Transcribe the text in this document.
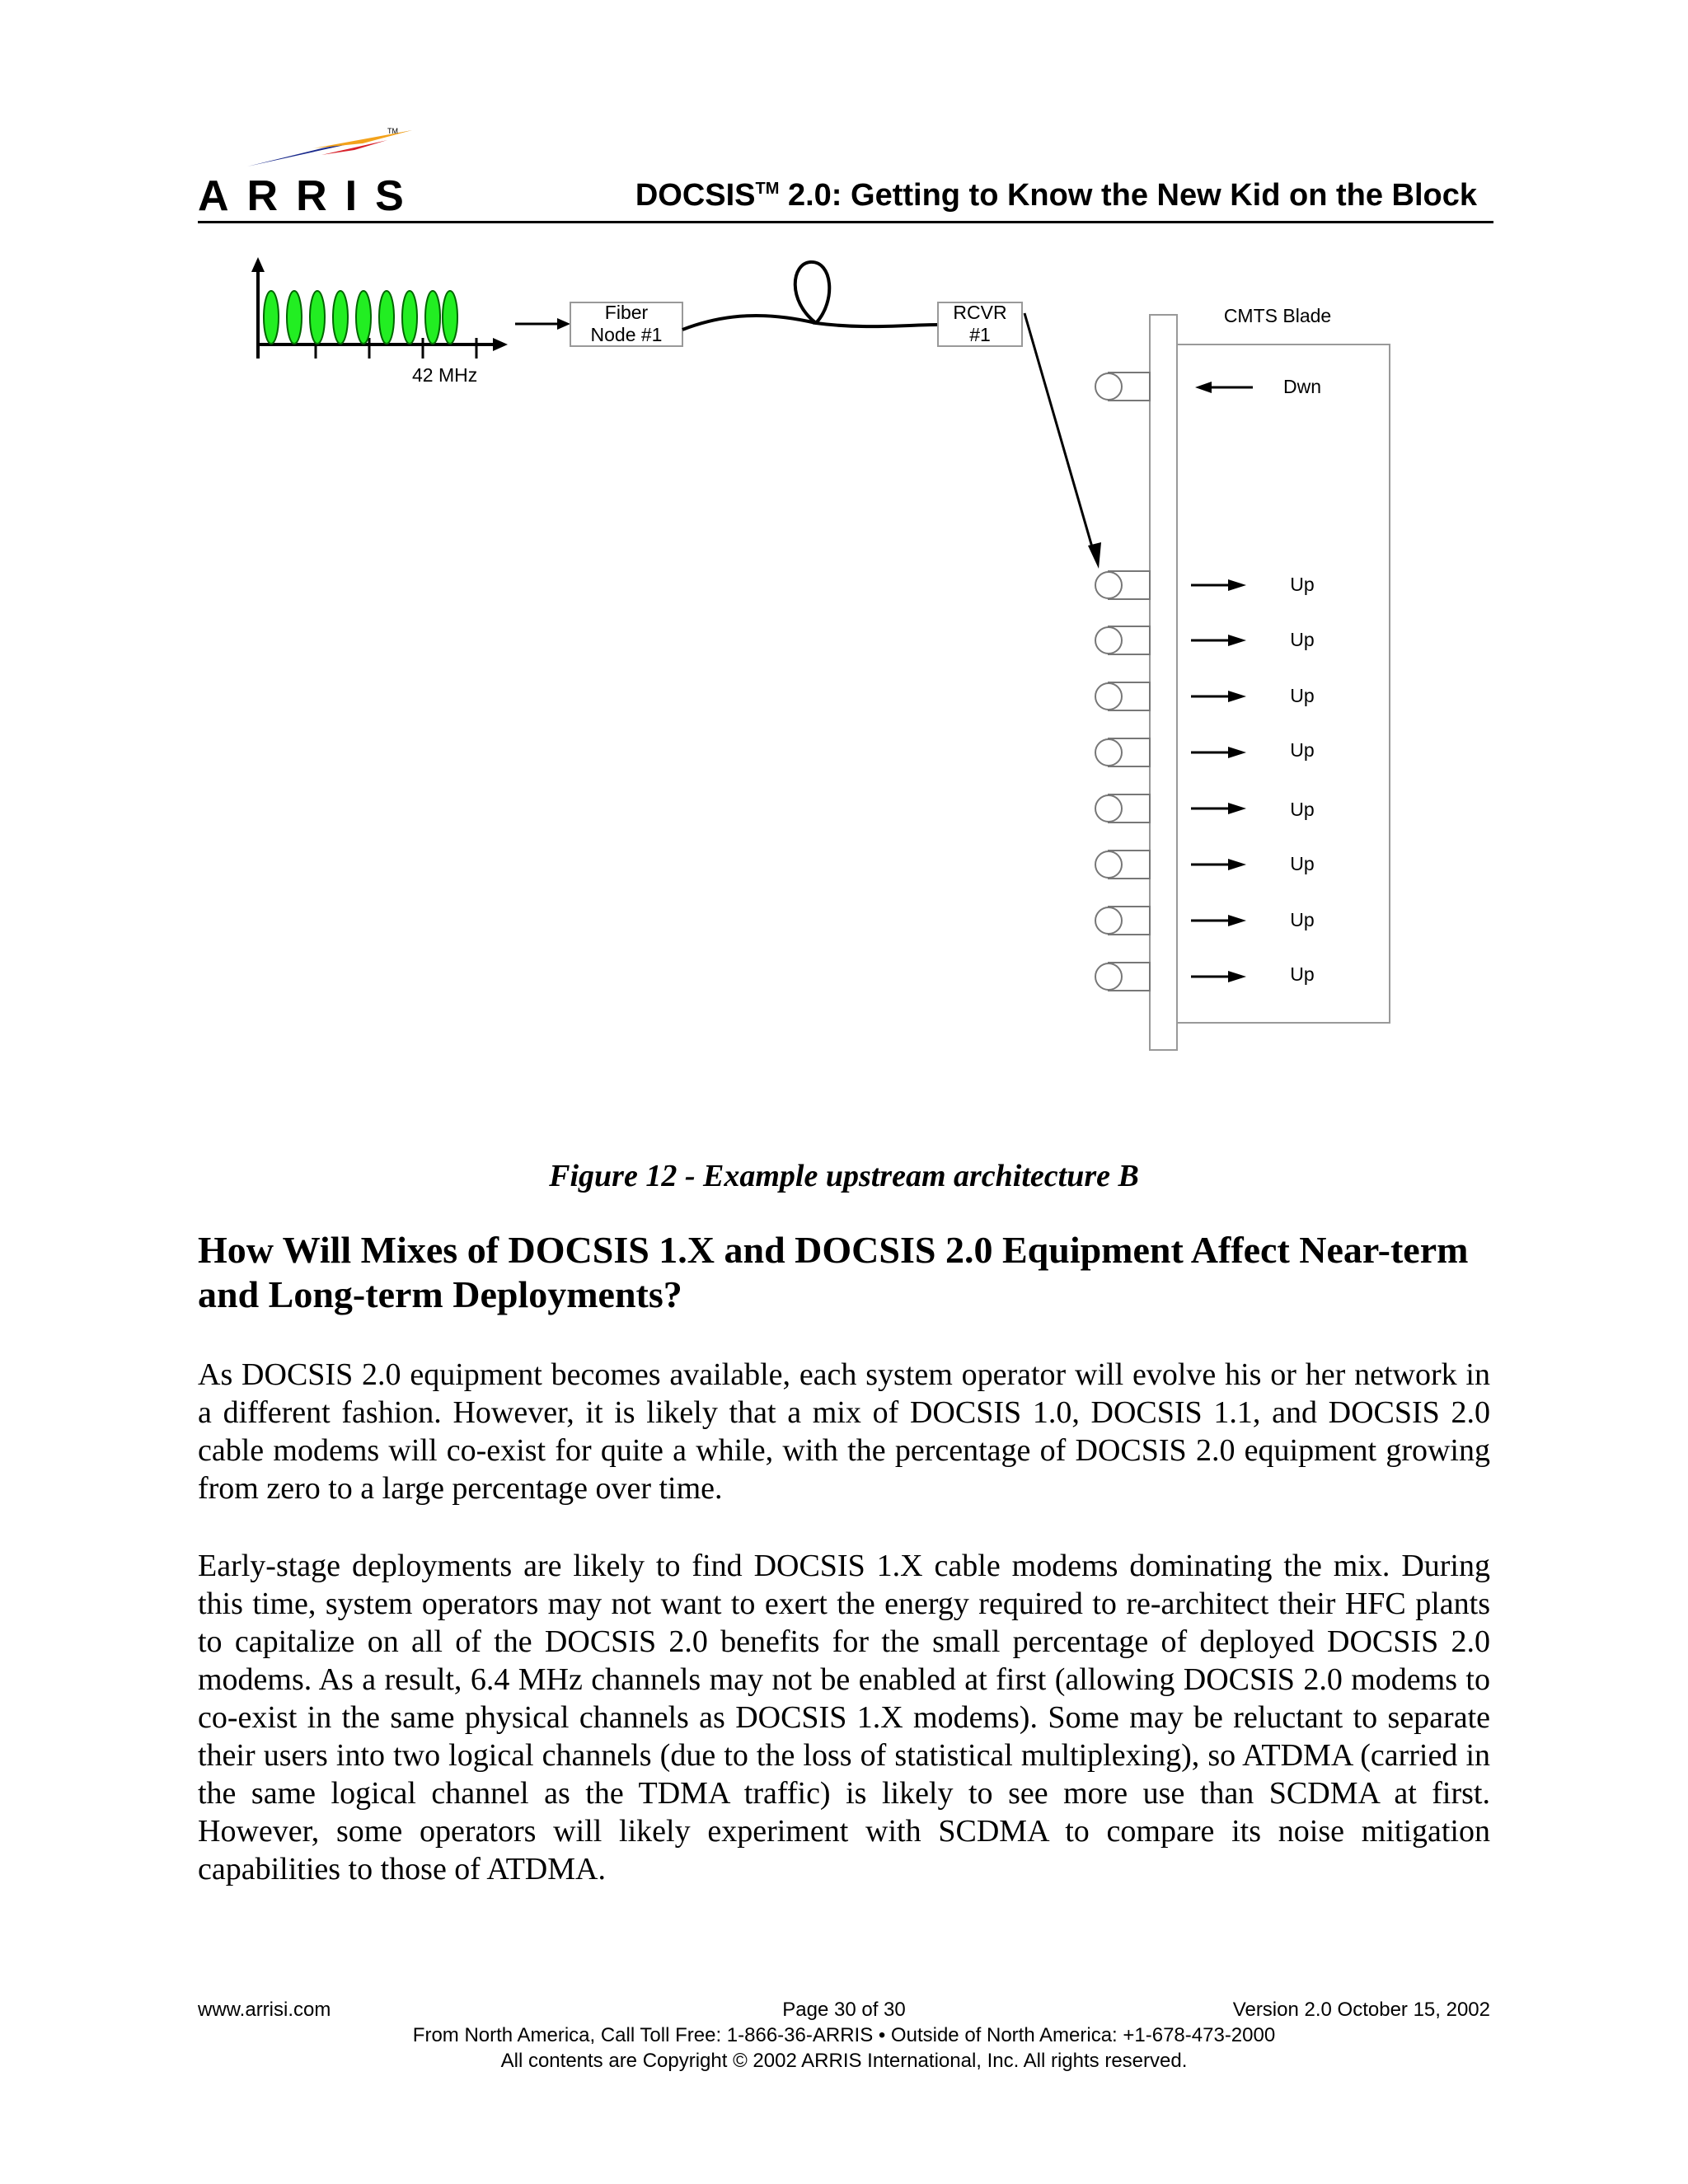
TM
ARRIS	DOCSIS™ 2.0: Getting to Know the New Kid on the Block
42 MHz
Fiber
Node #1
RCVR
#1
CMTS Blade
Dwn
Up
Up
Up
Up
Up
Up
Up
Up
Figure 12 - Example upstream architecture B
How Will Mixes of DOCSIS 1.X and DOCSIS 2.0 Equipment Affect Near-term and Long-term Deployments?

As DOCSIS 2.0 equipment becomes available, each system operator will evolve his or her network in a different fashion. However, it is likely that a mix of DOCSIS 1.0, DOCSIS 1.1, and DOCSIS 2.0 cable modems will co-exist for quite a while, with the percentage of DOCSIS 2.0 equipment growing from zero to a large percentage over time.

Early-stage deployments are likely to find DOCSIS 1.X cable modems dominating the mix. During this time, system operators may not want to exert the energy required to re-architect their HFC plants to capitalize on all of the DOCSIS 2.0 benefits for the small percentage of deployed DOCSIS 2.0 modems. As a result, 6.4 MHz channels may not be enabled at first (allowing DOCSIS 2.0 modems to co-exist in the same physical channels as DOCSIS 1.X modems). Some may be reluctant to separate their users into two logical channels (due to the loss of statistical multiplexing), so ATDMA (carried in the same logical channel as the TDMA traffic) is likely to see more use than SCDMA at first. However, some operators will likely experiment with SCDMA to compare its noise mitigation capabilities to those of ATDMA.

www.arrisi.com	Page 30 of 30	Version 2.0 October 15, 2002
From North America, Call Toll Free: 1-866-36-ARRIS • Outside of North America: +1-678-473-2000
All contents are Copyright © 2002 ARRIS International, Inc. All rights reserved.
